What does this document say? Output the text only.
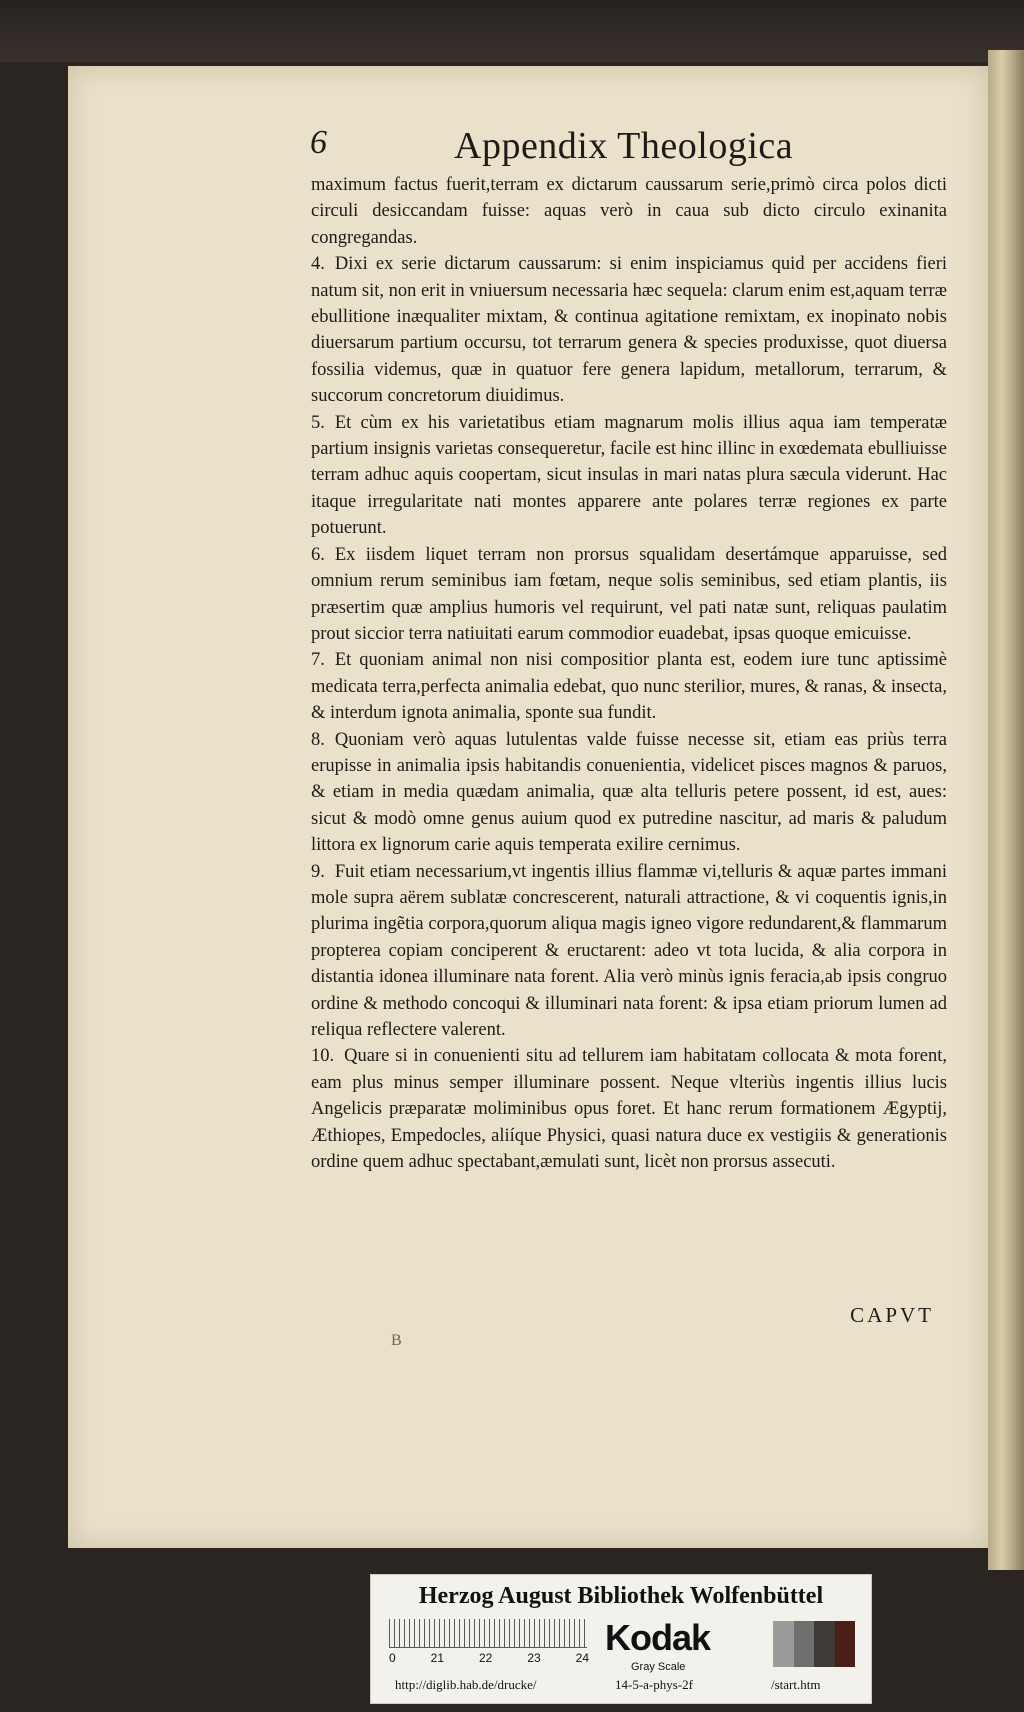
6	Appendix Theologica

maximum factus fuerit,terram ex dictarum caussarum serie,primò circa polos dicti circuli desiccandam fuisse: aquas verò in caua sub dicto circulo exinanita congregandas.

4. Dixi ex serie dictarum caussarum: si enim inspiciamus quid per accidens fieri natum sit, non erit in vniuersum necessaria hæc sequela: clarum enim est,aquam terræ ebullitione inæqualiter mixtam, & continua agitatione remixtam, ex inopinato nobis diuersarum partium occursu, tot terrarum genera & species produxisse, quot diuersa fossilia videmus, quæ in quatuor fere genera lapidum, metallorum, terrarum, & succorum concretorum diuidimus.

5. Et cùm ex his varietatibus etiam magnarum molis illius aqua iam temperatæ partium insignis varietas consequeretur, facile est hinc illinc in exœdemata ebulliuisse terram adhuc aquis coopertam, sicut insulas in mari natas plura sæcula viderunt. Hac itaque irregularitate nati montes apparere ante polares terræ regiones ex parte potuerunt.

6. Ex iisdem liquet terram non prorsus squalidam desertámque apparuisse, sed omnium rerum seminibus iam fœtam, neque solis seminibus, sed etiam plantis, iis præsertim quæ amplius humoris vel requirunt, vel pati natæ sunt, reliquas paulatim prout siccior terra natiuitati earum commodior euadebat, ipsas quoque emicuisse.

7. Et quoniam animal non nisi compositior planta est, eodem iure tunc aptissimè medicata terra,perfecta animalia edebat, quo nunc sterilior, mures, & ranas, & insecta, & interdum ignota animalia, sponte sua fundit.

8. Quoniam verò aquas lutulentas valde fuisse necesse sit, etiam eas priùs terra erupisse in animalia ipsis habitandis conuenientia, videlicet pisces magnos & paruos, & etiam in media quædam animalia, quæ alta telluris petere possent, id est, aues: sicut & modò omne genus auium quod ex putredine nascitur, ad maris & paludum littora ex lignorum carie aquis temperata exilire cernimus.

9. Fuit etiam necessarium,vt ingentis illius flammæ vi,telluris & aquæ partes immani mole supra aërem sublatæ concrescerent, naturali attractione, & vi coquentis ignis,in plurima ingẽtia corpora,quorum aliqua magis igneo vigore redundarent,& flammarum propterea copiam conciperent & eructarent: adeo vt tota lucida, & alia corpora in distantia idonea illuminare nata forent. Alia verò minùs ignis feracia,ab ipsis congruo ordine & methodo concoqui & illuminari nata forent: & ipsa etiam priorum lumen ad reliqua reflectere valerent.

10. Quare si in conuenienti situ ad tellurem iam habitatam collocata & mota forent, eam plus minus semper illuminare possent. Neque vlteriùs ingentis illius lucis Angelicis præparatæ moliminibus opus foret. Et hanc rerum formationem Ægyptij, Æthiopes, Empedocles, aliíque Physici, quasi natura duce ex vestigiis & generationis ordine quem adhuc spectabant,æmulati sunt, licèt non prorsus assecuti.

CAPVT
B
Herzog August Bibliothek Wolfenbüttel
0	21	22	23	24 Kodak
Gray Scale
http://diglib.hab.de/drucke/	14-5-a-phys-2f	/start.htm
